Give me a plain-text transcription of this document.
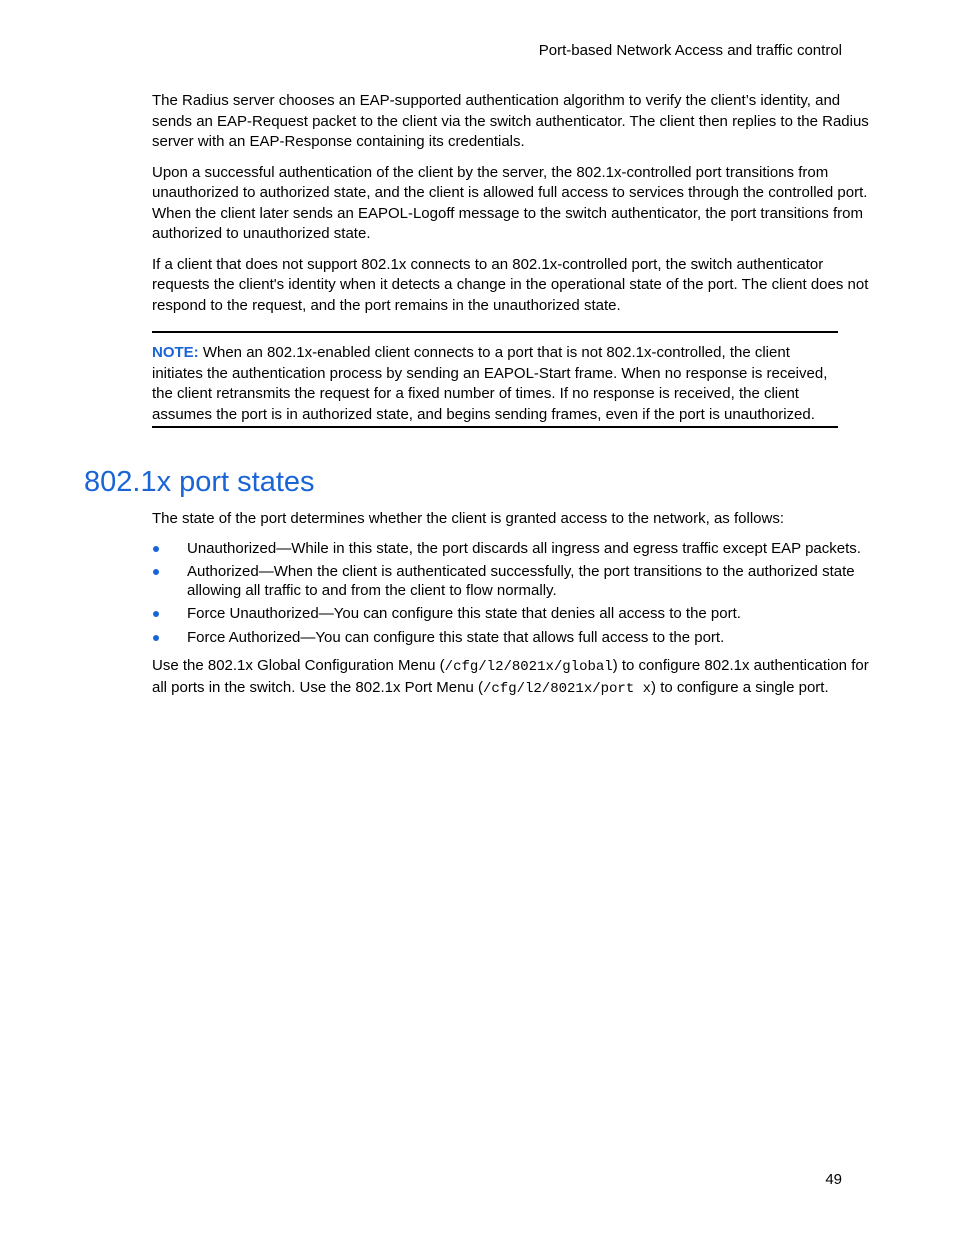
Port-based Network Access and traffic control

The Radius server chooses an EAP-supported authentication algorithm to verify the client’s identity, and sends an EAP-Request packet to the client via the switch authenticator. The client then replies to the Radius server with an EAP-Response containing its credentials.

Upon a successful authentication of the client by the server, the 802.1x-controlled port transitions from unauthorized to authorized state, and the client is allowed full access to services through the controlled port. When the client later sends an EAPOL-Logoff message to the switch authenticator, the port transitions from authorized to unauthorized state.

If a client that does not support 802.1x connects to an 802.1x-controlled port, the switch authenticator requests the client's identity when it detects a change in the operational state of the port. The client does not respond to the request, and the port remains in the unauthorized state.

NOTE: When an 802.1x-enabled client connects to a port that is not 802.1x-controlled, the client initiates the authentication process by sending an EAPOL-Start frame. When no response is received, the client retransmits the request for a fixed number of times. If no response is received, the client assumes the port is in authorized state, and begins sending frames, even if the port is unauthorized.

802.1x port states

The state of the port determines whether the client is granted access to the network, as follows:

Unauthorized—While in this state, the port discards all ingress and egress traffic except EAP packets.
Authorized—When the client is authenticated successfully, the port transitions to the authorized state allowing all traffic to and from the client to flow normally.
Force Unauthorized—You can configure this state that denies all access to the port.
Force Authorized—You can configure this state that allows full access to the port.

Use the 802.1x Global Configuration Menu (/cfg/l2/8021x/global) to configure 802.1x authentication for all ports in the switch. Use the 802.1x Port Menu (/cfg/l2/8021x/port x) to configure a single port.

49
